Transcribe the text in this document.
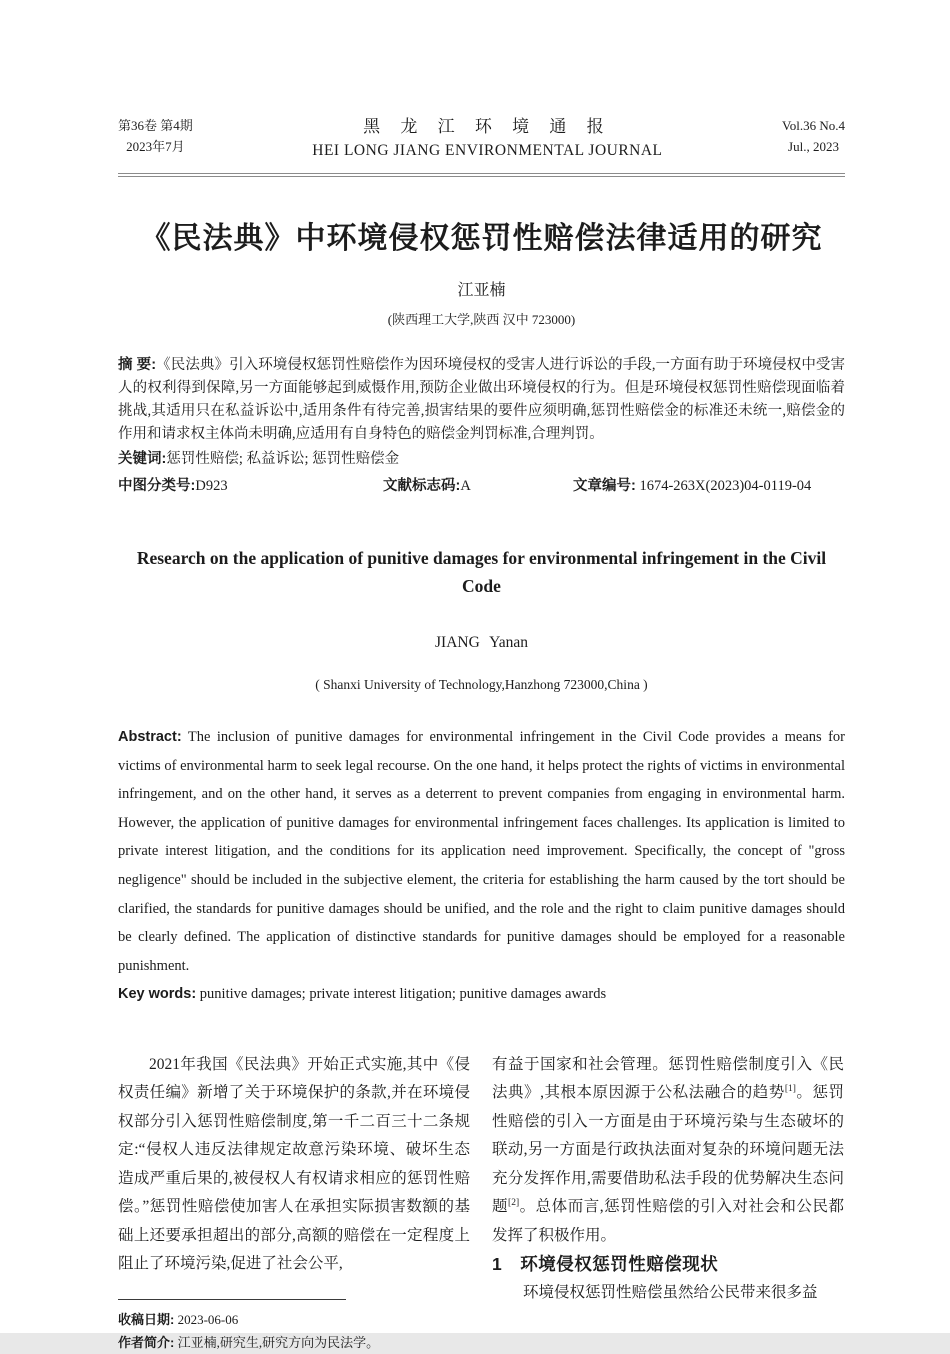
第36卷 第4期
2023年7月
黑 龙 江 环 境 通 报
HEI LONG JIANG ENVIRONMENTAL JOURNAL
Vol.36 No.4
Jul., 2023
《民法典》中环境侵权惩罚性赔偿法律适用的研究
江亚楠
(陕西理工大学,陕西 汉中 723000)
摘 要:《民法典》引入环境侵权惩罚性赔偿作为因环境侵权的受害人进行诉讼的手段,一方面有助于环境侵权中受害人的权利得到保障,另一方面能够起到威慑作用,预防企业做出环境侵权的行为。但是环境侵权惩罚性赔偿现面临着挑战,其适用只在私益诉讼中,适用条件有待完善,损害结果的要件应须明确,惩罚性赔偿金的标准还未统一,赔偿金的作用和请求权主体尚未明确,应适用有自身特色的赔偿金判罚标准,合理判罚。
关键词:惩罚性赔偿; 私益诉讼; 惩罚性赔偿金
中图分类号:D923	文献标志码:A	文章编号: 1674-263X(2023)04-0119-04
Research on the application of punitive damages for environmental infringement in the Civil Code
JIANG Yanan
( Shanxi University of Technology,Hanzhong 723000,China )
Abstract: The inclusion of punitive damages for environmental infringement in the Civil Code provides a means for victims of environmental harm to seek legal recourse. On the one hand, it helps protect the rights of victims in environmental infringement, and on the other hand, it serves as a deterrent to prevent companies from engaging in environmental harm. However, the application of punitive damages for environmental infringement faces challenges. Its application is limited to private interest litigation, and the conditions for its application need improvement. Specifically, the concept of "gross negligence" should be included in the subjective element, the criteria for establishing the harm caused by the tort should be clarified, the standards for punitive damages should be unified, and the role and the right to claim punitive damages should be clearly defined. The application of distinctive standards for punitive damages should be employed for a reasonable punishment.
Key words: punitive damages; private interest litigation; punitive damages awards

2021年我国《民法典》开始正式实施,其中《侵权责任编》新增了关于环境保护的条款,并在环境侵权部分引入惩罚性赔偿制度,第一千二百三十二条规定:“侵权人违反法律规定故意污染环境、破坏生态造成严重后果的,被侵权人有权请求相应的惩罚性赔偿。”惩罚性赔偿使加害人在承担实际损害数额的基础上还要承担超出的部分,高额的赔偿在一定程度上阻止了环境污染,促进了社会公平,

收稿日期: 2023-06-06
作者简介: 江亚楠,研究生,研究方向为民法学。

有益于国家和社会管理。惩罚性赔偿制度引入《民法典》,其根本原因源于公私法融合的趋势[1]。惩罚性赔偿的引入一方面是由于环境污染与生态破坏的联动,另一方面是行政执法面对复杂的环境问题无法充分发挥作用,需要借助私法手段的优势解决生态问题[2]。总体而言,惩罚性赔偿的引入对社会和公民都发挥了积极作用。

1 环境侵权惩罚性赔偿现状

环境侵权惩罚性赔偿虽然给公民带来很多益
